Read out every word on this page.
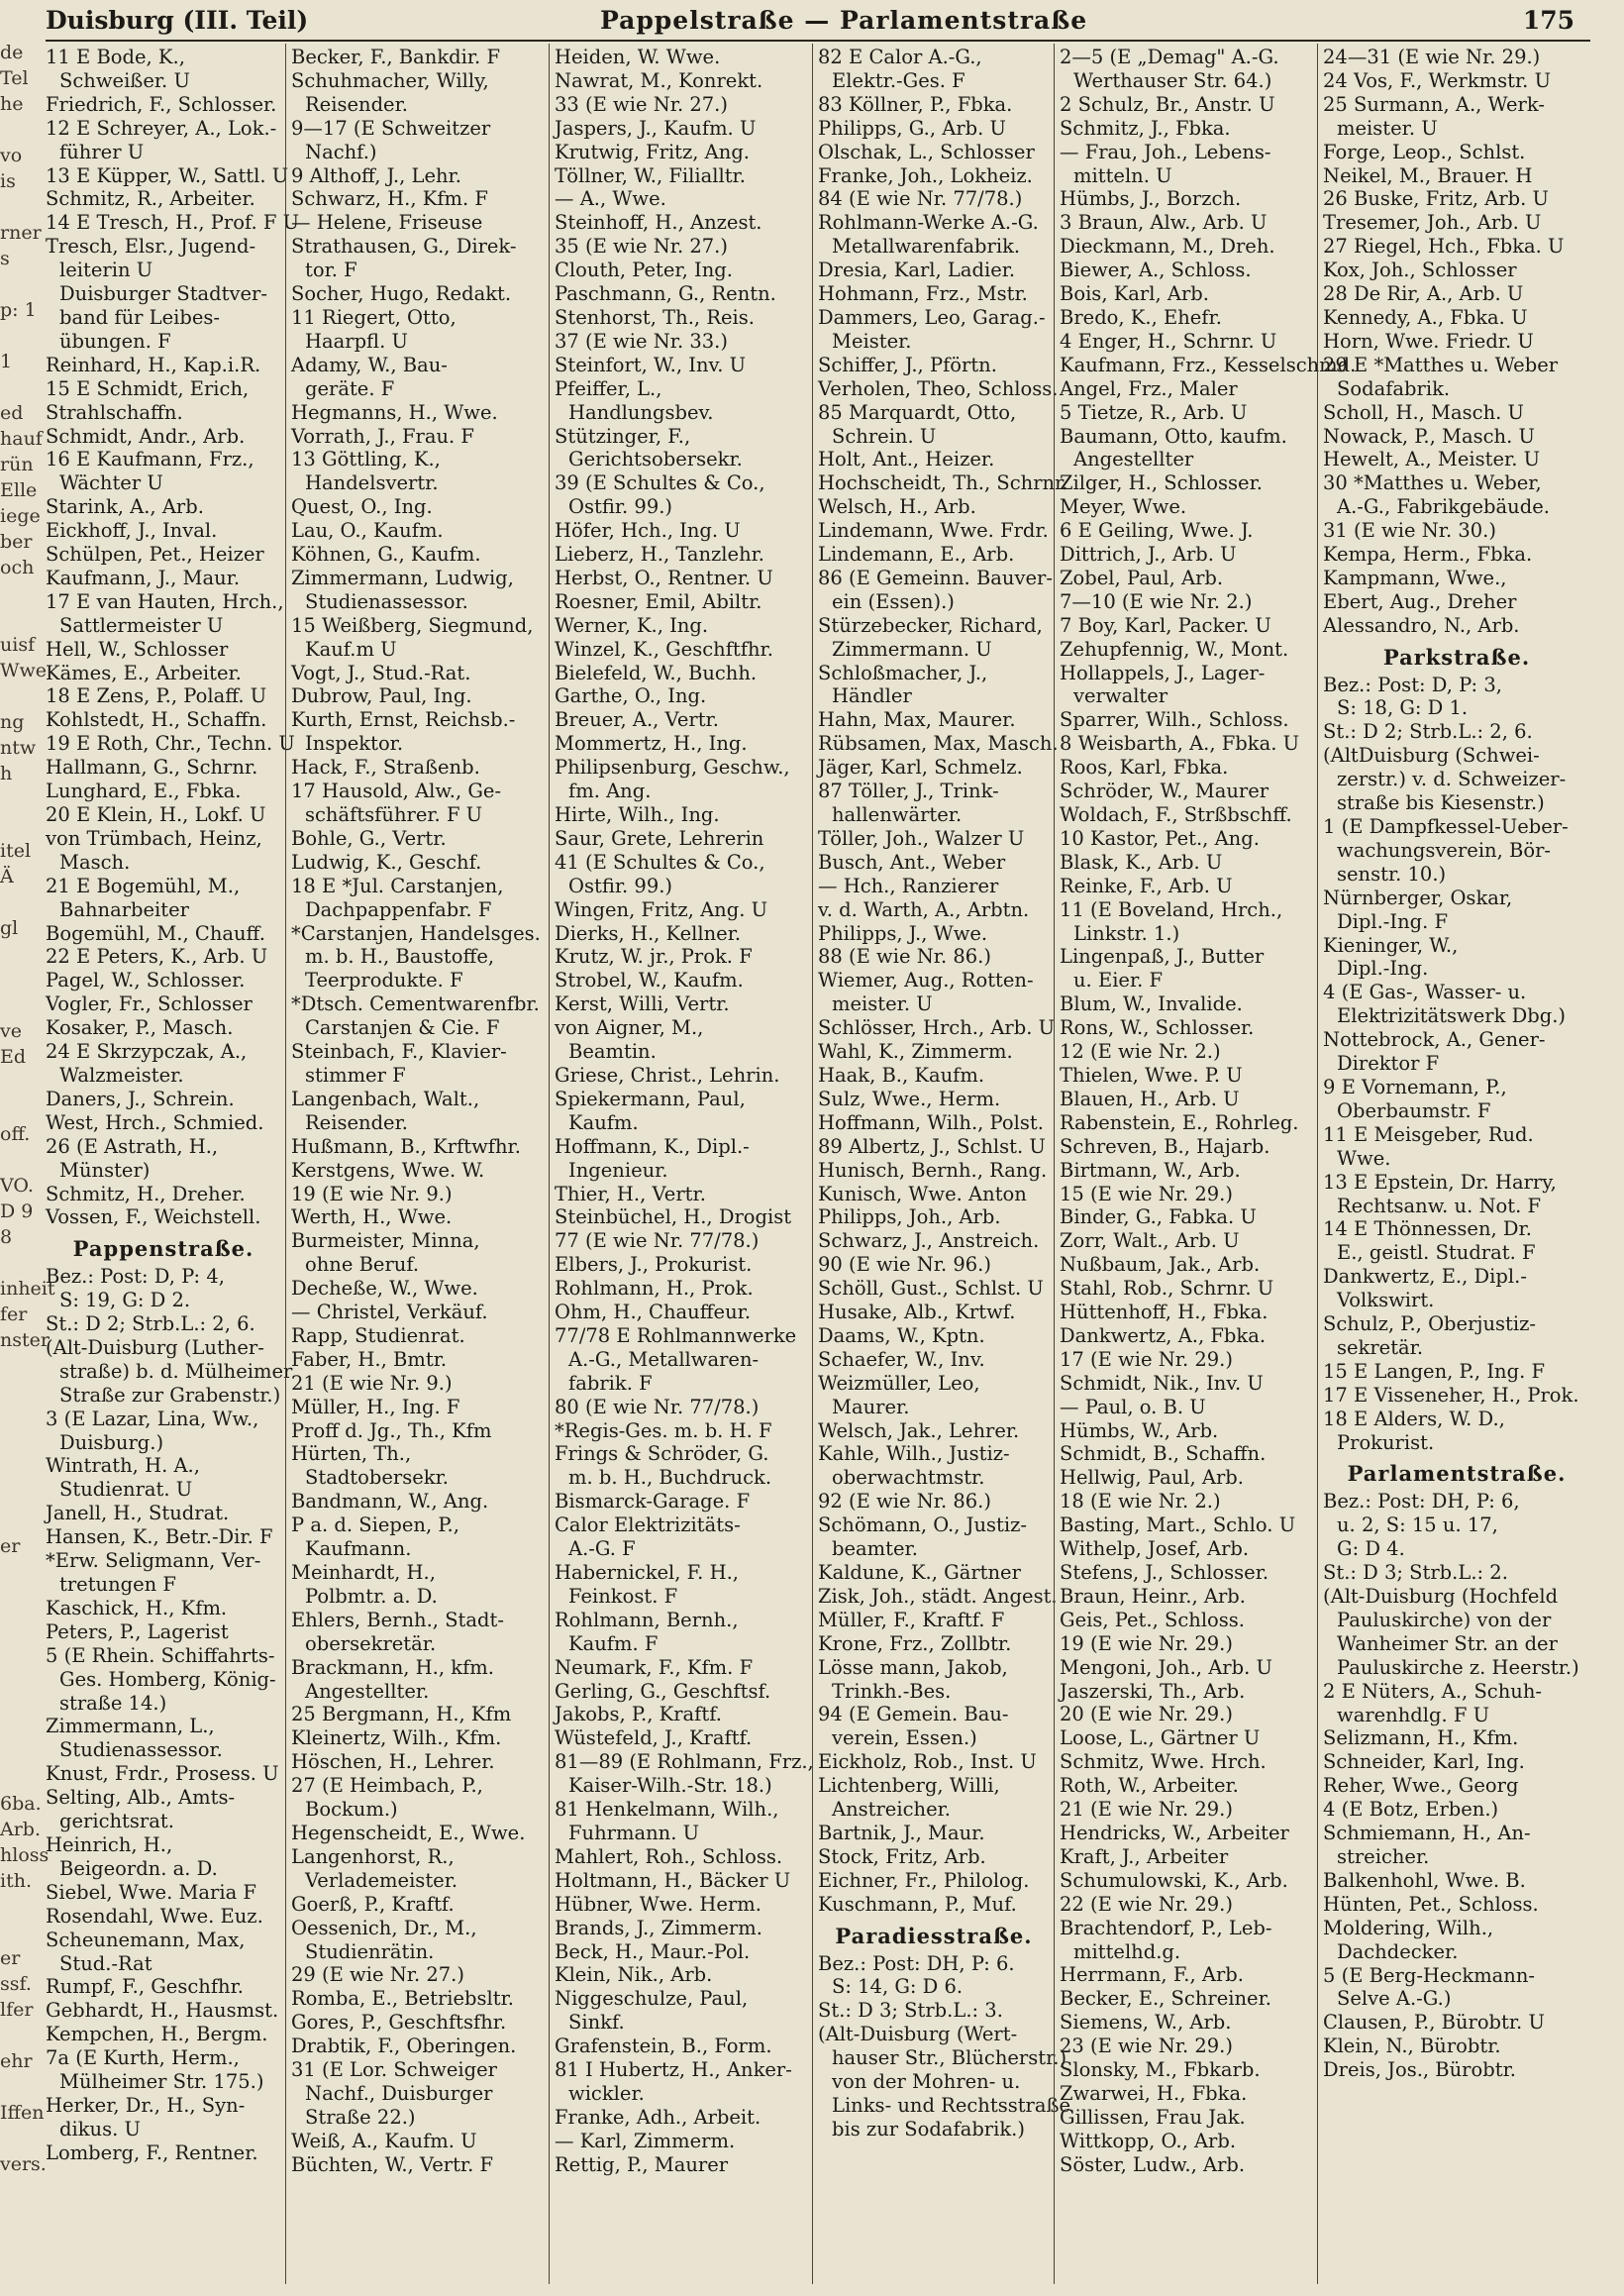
de
Tel
he

vo
is

rner
s

p: 1

1

ed
hauf
rün
Elle
iege
ber
och

uisf
Wwe

ng
ntw
h

itel
Ä

gl

ve
Ed

off.

VO.
D 9
8

inheit
fer
nster

er

6ba.
Arb.
hloss
ith.

er
ssf.
lfer

ehr

Iffen

vers.
Duisburg (III. Teil)	Pappelstraße — Parlamentstraße	175
11 E Bode, K.,
Schweißer. U
Friedrich, F., Schlosser.
12 E Schreyer, A., Lok.-
führer U
13 E Küpper, W., Sattl. U
Schmitz, R., Arbeiter.
14 E Tresch, H., Prof. F U
Tresch, Elsr., Jugend-
leiterin U
Duisburger Stadtver-
band für Leibes-
übungen. F
Reinhard, H., Kap.i.R.
15 E Schmidt, Erich,
Strahlschaffn.
Schmidt, Andr., Arb.
16 E Kaufmann, Frz.,
Wächter U
Starink, A., Arb.
Eickhoff, J., Inval.
Schülpen, Pet., Heizer
Kaufmann, J., Maur.
17 E van Hauten, Hrch.,
Sattlermeister U
Hell, W., Schlosser
Kämes, E., Arbeiter.
18 E Zens, P., Polaff. U
Kohlstedt, H., Schaffn.
19 E Roth, Chr., Techn. U
Hallmann, G., Schrnr.
Lunghard, E., Fbka.
20 E Klein, H., Lokf. U
von Trümbach, Heinz,
Masch.
21 E Bogemühl, M.,
Bahnarbeiter
Bogemühl, M., Chauff.
22 E Peters, K., Arb. U
Pagel, W., Schlosser.
Vogler, Fr., Schlosser
Kosaker, P., Masch.
24 E Skrzypczak, A.,
Walzmeister.
Daners, J., Schrein.
West, Hrch., Schmied.
26 (E Astrath, H.,
Münster)
Schmitz, H., Dreher.
Vossen, F., Weichstell.
Pappenstraße.
Bez.: Post: D, P: 4,
S: 19, G: D 2.
St.: D 2; Strb.L.: 2, 6.
(Alt-Duisburg (Luther-
straße) b. d. Mülheimer
Straße zur Grabenstr.)
3 (E Lazar, Lina, Ww.,
Duisburg.)
Wintrath, H. A.,
Studienrat. U
Janell, H., Studrat.
Hansen, K., Betr.-Dir. F
*Erw. Seligmann, Ver-
tretungen F
Kaschick, H., Kfm.
Peters, P., Lagerist
5 (E Rhein. Schiffahrts-
Ges. Homberg, König-
straße 14.)
Zimmermann, L.,
Studienassessor.
Knust, Frdr., Prosess. U
Selting, Alb., Amts-
gerichtsrat.
Heinrich, H.,
Beigeordn. a. D.
Siebel, Wwe. Maria F
Rosendahl, Wwe. Euz.
Scheunemann, Max,
Stud.-Rat
Rumpf, F., Geschfhr.
Gebhardt, H., Hausmst.
Kempchen, H., Bergm.
7a (E Kurth, Herm.,
Mülheimer Str. 175.)
Herker, Dr., H., Syn-
dikus. U
Lomberg, F., Rentner.
Becker, F., Bankdir. F
Schuhmacher, Willy,
Reisender.
9—17 (E Schweitzer
Nachf.)
9 Althoff, J., Lehr.
Schwarz, H., Kfm. F
— Helene, Friseuse
Strathausen, G., Direk-
tor. F
Socher, Hugo, Redakt.
11 Riegert, Otto,
Haarpfl. U
Adamy, W., Bau-
geräte. F
Hegmanns, H., Wwe.
Vorrath, J., Frau. F
13 Göttling, K.,
Handelsvertr.
Quest, O., Ing.
Lau, O., Kaufm.
Köhnen, G., Kaufm.
Zimmermann, Ludwig,
Studienassessor.
15 Weißberg, Siegmund,
Kauf.m U
Vogt, J., Stud.-Rat.
Dubrow, Paul, Ing.
Kurth, Ernst, Reichsb.-
Inspektor.
Hack, F., Straßenb.
17 Hausold, Alw., Ge-
schäftsführer. F U
Bohle, G., Vertr.
Ludwig, K., Geschf.
18 E *Jul. Carstanjen,
Dachpappenfabr. F
*Carstanjen, Handelsges.
m. b. H., Baustoffe,
Teerprodukte. F
*Dtsch. Cementwarenfbr.
Carstanjen & Cie. F
Steinbach, F., Klavier-
stimmer F
Langenbach, Walt.,
Reisender.
Hußmann, B., Krftwfhr.
Kerstgens, Wwe. W.
19 (E wie Nr. 9.)
Werth, H., Wwe.
Burmeister, Minna,
ohne Beruf.
Decheße, W., Wwe.
— Christel, Verkäuf.
Rapp, Studienrat.
Faber, H., Bmtr.
21 (E wie Nr. 9.)
Müller, H., Ing. F
Proff d. Jg., Th., Kfm
Hürten, Th.,
Stadtobersekr.
Bandmann, W., Ang.
P a. d. Siepen, P.,
Kaufmann.
Meinhardt, H.,
Polbmtr. a. D.
Ehlers, Bernh., Stadt-
obersekretär.
Brackmann, H., kfm.
Angestellter.
25 Bergmann, H., Kfm
Kleinertz, Wilh., Kfm.
Höschen, H., Lehrer.
27 (E Heimbach, P.,
Bockum.)
Hegenscheidt, E., Wwe.
Langenhorst, R.,
Verlademeister.
Goerß, P., Kraftf.
Oessenich, Dr., M.,
Studienrätin.
29 (E wie Nr. 27.)
Romba, E., Betriebsltr.
Gores, P., Geschftsfhr.
Drabtik, F., Oberingen.
31 (E Lor. Schweiger
Nachf., Duisburger
Straße 22.)
Weiß, A., Kaufm. U
Büchten, W., Vertr. F
Heiden, W. Wwe.
Nawrat, M., Konrekt.
33 (E wie Nr. 27.)
Jaspers, J., Kaufm. U
Krutwig, Fritz, Ang.
Töllner, W., Filialltr.
— A., Wwe.
Steinhoff, H., Anzest.
35 (E wie Nr. 27.)
Clouth, Peter, Ing.
Paschmann, G., Rentn.
Stenhorst, Th., Reis.
37 (E wie Nr. 33.)
Steinfort, W., Inv. U
Pfeiffer, L.,
Handlungsbev.
Stützinger, F.,
Gerichtsobersekr.
39 (E Schultes & Co.,
Ostfir. 99.)
Höfer, Hch., Ing. U
Lieberz, H., Tanzlehr.
Herbst, O., Rentner. U
Roesner, Emil, Abiltr.
Werner, K., Ing.
Winzel, K., Geschftfhr.
Bielefeld, W., Buchh.
Garthe, O., Ing.
Breuer, A., Vertr.
Mommertz, H., Ing.
Philipsenburg, Geschw.,
fm. Ang.
Hirte, Wilh., Ing.
Saur, Grete, Lehrerin
41 (E Schultes & Co.,
Ostfir. 99.)
Wingen, Fritz, Ang. U
Dierks, H., Kellner.
Krutz, W. jr., Prok. F
Strobel, W., Kaufm.
Kerst, Willi, Vertr.
von Aigner, M.,
Beamtin.
Griese, Christ., Lehrin.
Spiekermann, Paul,
Kaufm.
Hoffmann, K., Dipl.-
Ingenieur.
Thier, H., Vertr.
Steinbüchel, H., Drogist
77 (E wie Nr. 77/78.)
Elbers, J., Prokurist.
Rohlmann, H., Prok.
Ohm, H., Chauffeur.
77/78 E Rohlmannwerke
A.-G., Metallwaren-
fabrik. F
80 (E wie Nr. 77/78.)
*Regis-Ges. m. b. H. F
Frings & Schröder, G.
m. b. H., Buchdruck.
Bismarck-Garage. F
Calor Elektrizitäts-
A.-G. F
Habernickel, F. H.,
Feinkost. F
Rohlmann, Bernh.,
Kaufm. F
Neumark, F., Kfm. F
Gerling, G., Geschftsf.
Jakobs, P., Kraftf.
Wüstefeld, J., Kraftf.
81—89 (E Rohlmann, Frz.,
Kaiser-Wilh.-Str. 18.)
81 Henkelmann, Wilh.,
Fuhrmann. U
Mahlert, Roh., Schloss.
Holtmann, H., Bäcker U
Hübner, Wwe. Herm.
Brands, J., Zimmerm.
Beck, H., Maur.-Pol.
Klein, Nik., Arb.
Niggeschulze, Paul,
Sinkf.
Grafenstein, B., Form.
81 I Hubertz, H., Anker-
wickler.
Franke, Adh., Arbeit.
— Karl, Zimmerm.
Rettig, P., Maurer
82 E Calor A.-G.,
Elektr.-Ges. F
83 Köllner, P., Fbka.
Philipps, G., Arb. U
Olschak, L., Schlosser
Franke, Joh., Lokheiz.
84 (E wie Nr. 77/78.)
Rohlmann-Werke A.-G.
Metallwarenfabrik.
Dresia, Karl, Ladier.
Hohmann, Frz., Mstr.
Dammers, Leo, Garag.-
Meister.
Schiffer, J., Pförtn.
Verholen, Theo, Schloss.
85 Marquardt, Otto,
Schrein. U
Holt, Ant., Heizer.
Hochscheidt, Th., Schrnr.
Welsch, H., Arb.
Lindemann, Wwe. Frdr.
Lindemann, E., Arb.
86 (E Gemeinn. Bauver-
ein (Essen).)
Stürzebecker, Richard,
Zimmermann. U
Schloßmacher, J.,
Händler
Hahn, Max, Maurer.
Rübsamen, Max, Masch.
Jäger, Karl, Schmelz.
87 Töller, J., Trink-
hallenwärter.
Töller, Joh., Walzer U
Busch, Ant., Weber
— Hch., Ranzierer
v. d. Warth, A., Arbtn.
Philipps, J., Wwe.
88 (E wie Nr. 86.)
Wiemer, Aug., Rotten-
meister. U
Schlösser, Hrch., Arb. U
Wahl, K., Zimmerm.
Haak, B., Kaufm.
Sulz, Wwe., Herm.
Hoffmann, Wilh., Polst.
89 Albertz, J., Schlst. U
Hunisch, Bernh., Rang.
Kunisch, Wwe. Anton
Philipps, Joh., Arb.
Schwarz, J., Anstreich.
90 (E wie Nr. 96.)
Schöll, Gust., Schlst. U
Husake, Alb., Krtwf.
Daams, W., Kptn.
Schaefer, W., Inv.
Weizmüller, Leo,
Maurer.
Welsch, Jak., Lehrer.
Kahle, Wilh., Justiz-
oberwachtmstr.
92 (E wie Nr. 86.)
Schömann, O., Justiz-
beamter.
Kaldune, K., Gärtner
Zisk, Joh., städt. Angest.
Müller, F., Kraftf. F
Krone, Frz., Zollbtr.
Lösse mann, Jakob,
Trinkh.-Bes.
94 (E Gemein. Bau-
verein, Essen.)
Eickholz, Rob., Inst. U
Lichtenberg, Willi,
Anstreicher.
Bartnik, J., Maur.
Stock, Fritz, Arb.
Eichner, Fr., Philolog.
Kuschmann, P., Muf.
Paradiesstraße.
Bez.: Post: DH, P: 6.
S: 14, G: D 6.
St.: D 3; Strb.L.: 3.
(Alt-Duisburg (Wert-
hauser Str., Blücherstr.)
von der Mohren- u.
Links- und Rechtsstraße
bis zur Sodafabrik.)
2—5 (E „Demag" A.-G.
Werthauser Str. 64.)
2 Schulz, Br., Anstr. U
Schmitz, J., Fbka.
— Frau, Joh., Lebens-
mitteln. U
Hümbs, J., Borzch.
3 Braun, Alw., Arb. U
Dieckmann, M., Dreh.
Biewer, A., Schloss.
Bois, Karl, Arb.
Bredo, K., Ehefr.
4 Enger, H., Schrnr. U
Kaufmann, Frz., Kesselschmd.
Angel, Frz., Maler
5 Tietze, R., Arb. U
Baumann, Otto, kaufm.
Angestellter
Zilger, H., Schlosser.
Meyer, Wwe.
6 E Geiling, Wwe. J.
Dittrich, J., Arb. U
Zobel, Paul, Arb.
7—10 (E wie Nr. 2.)
7 Boy, Karl, Packer. U
Zehupfennig, W., Mont.
Hollappels, J., Lager-
verwalter
Sparrer, Wilh., Schloss.
8 Weisbarth, A., Fbka. U
Roos, Karl, Fbka.
Schröder, W., Maurer
Woldach, F., Strßbschff.
10 Kastor, Pet., Ang.
Blask, K., Arb. U
Reinke, F., Arb. U
11 (E Boveland, Hrch.,
Linkstr. 1.)
Lingenpaß, J., Butter
u. Eier. F
Blum, W., Invalide.
Rons, W., Schlosser.
12 (E wie Nr. 2.)
Thielen, Wwe. P. U
Blauen, H., Arb. U
Rabenstein, E., Rohrleg.
Schreven, B., Hajarb.
Birtmann, W., Arb.
15 (E wie Nr. 29.)
Binder, G., Fabka. U
Zorr, Walt., Arb. U
Nußbaum, Jak., Arb.
Stahl, Rob., Schrnr. U
Hüttenhoff, H., Fbka.
Dankwertz, A., Fbka.
17 (E wie Nr. 29.)
Schmidt, Nik., Inv. U
— Paul, o. B. U
Hümbs, W., Arb.
Schmidt, B., Schaffn.
Hellwig, Paul, Arb.
18 (E wie Nr. 2.)
Basting, Mart., Schlo. U
Withelp, Josef, Arb.
Stefens, J., Schlosser.
Braun, Heinr., Arb.
Geis, Pet., Schloss.
19 (E wie Nr. 29.)
Mengoni, Joh., Arb. U
Jaszerski, Th., Arb.
20 (E wie Nr. 29.)
Loose, L., Gärtner U
Schmitz, Wwe. Hrch.
Roth, W., Arbeiter.
21 (E wie Nr. 29.)
Hendricks, W., Arbeiter
Kraft, J., Arbeiter
Schumulowski, K., Arb.
22 (E wie Nr. 29.)
Brachtendorf, P., Leb-
mittelhd.g.
Herrmann, F., Arb.
Becker, E., Schreiner.
Siemens, W., Arb.
23 (E wie Nr. 29.)
Slonsky, M., Fbkarb.
Zwarwei, H., Fbka.
Gillissen, Frau Jak.
Wittkopp, O., Arb.
Söster, Ludw., Arb.
24—31 (E wie Nr. 29.)
24 Vos, F., Werkmstr. U
25 Surmann, A., Werk-
meister. U
Forge, Leop., Schlst.
Neikel, M., Brauer. H
26 Buske, Fritz, Arb. U
Tresemer, Joh., Arb. U
27 Riegel, Hch., Fbka. U
Kox, Joh., Schlosser
28 De Rir, A., Arb. U
Kennedy, A., Fbka. U
Horn, Wwe. Friedr. U
29 E *Matthes u. Weber
Sodafabrik.
Scholl, H., Masch. U
Nowack, P., Masch. U
Hewelt, A., Meister. U
30 *Matthes u. Weber,
A.-G., Fabrikgebäude.
31 (E wie Nr. 30.)
Kempa, Herm., Fbka.
Kampmann, Wwe.,
Ebert, Aug., Dreher
Alessandro, N., Arb.
Parkstraße.
Bez.: Post: D, P: 3,
S: 18, G: D 1.
St.: D 2; Strb.L.: 2, 6.
(AltDuisburg (Schwei-
zerstr.) v. d. Schweizer-
straße bis Kiesenstr.)
1 (E Dampfkessel-Ueber-
wachungsverein, Bör-
senstr. 10.)
Nürnberger, Oskar,
Dipl.-Ing. F
Kieninger, W.,
Dipl.-Ing.
4 (E Gas-, Wasser- u.
Elektrizitätswerk Dbg.)
Nottebrock, A., Gener-
Direktor F
9 E Vornemann, P.,
Oberbaumstr. F
11 E Meisgeber, Rud.
Wwe.
13 E Epstein, Dr. Harry,
Rechtsanw. u. Not. F
14 E Thönnessen, Dr.
E., geistl. Studrat. F
Dankwertz, E., Dipl.-
Volkswirt.
Schulz, P., Oberjustiz-
sekretär.
15 E Langen, P., Ing. F
17 E Visseneher, H., Prok.
18 E Alders, W. D.,
Prokurist.
Parlamentstraße.
Bez.: Post: DH, P: 6,
u. 2, S: 15 u. 17,
G: D 4.
St.: D 3; Strb.L.: 2.
(Alt-Duisburg (Hochfeld
Pauluskirche) von der
Wanheimer Str. an der
Pauluskirche z. Heerstr.)
2 E Nüters, A., Schuh-
warenhdlg. F U
Selizmann, H., Kfm.
Schneider, Karl, Ing.
Reher, Wwe., Georg
4 (E Botz, Erben.)
Schmiemann, H., An-
streicher.
Balkenhohl, Wwe. B.
Hünten, Pet., Schloss.
Moldering, Wilh.,
Dachdecker.
5 (E Berg-Heckmann-
Selve A.-G.)
Clausen, P., Bürobtr. U
Klein, N., Bürobtr.
Dreis, Jos., Bürobtr.
